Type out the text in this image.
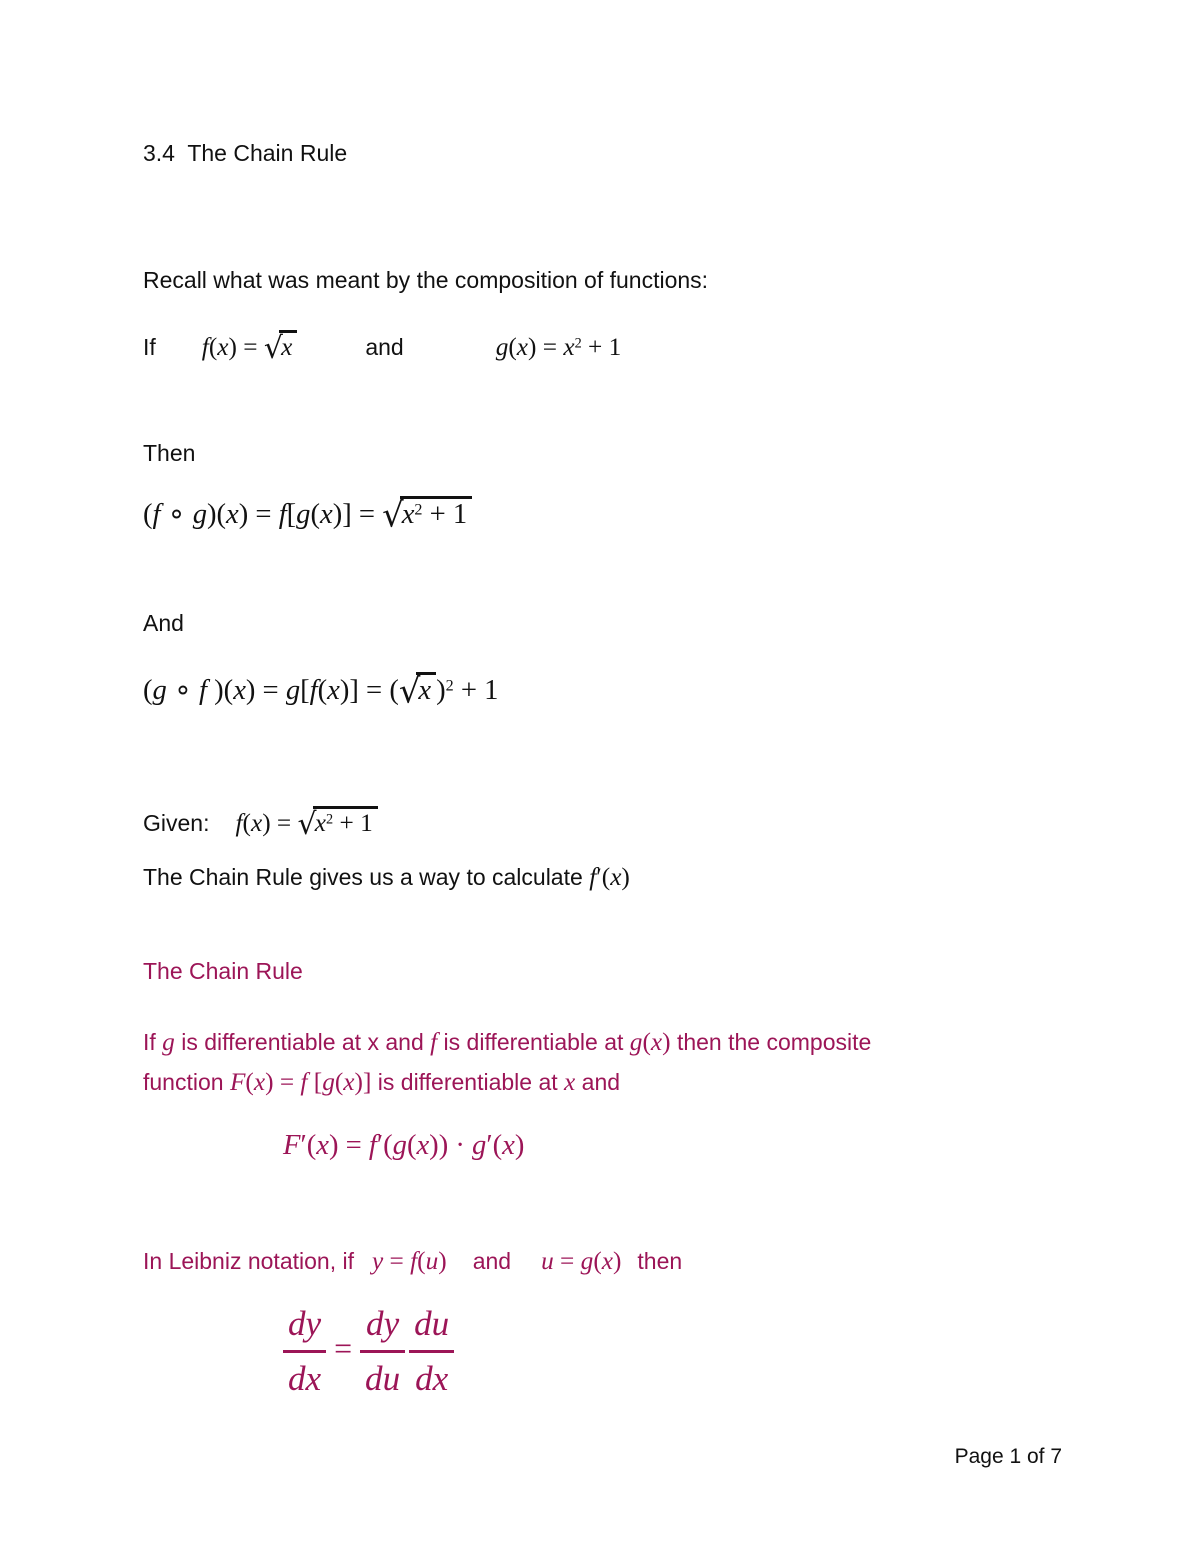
3.4  The Chain Rule
Recall what was meant by the composition of functions:
If f(x) = √x	and	$g(x) = x^2 + 1$
Then
(f ∘ $g)(x) = f[g(x)] = √x^2 + 1$
And
(g ∘ f )(x) = g[f(x)] = (√x )$^2$ + 1
Given: $f(x) = √x^2 + 1$
The Chain Rule gives us a way to calculate f′(x)
The Chain Rule
If g is differentiable at x and f is differentiable at g(x) then the composite
function F(x) = f [g(x)] is differentiable at x and
F′(x) = f′(g(x)) · g′(x)
In Leibniz notation, if y = f(u) and u = g(x) then
$\frac{dy}{dx} = \frac{dy}{du} \frac{du}{dx}$
Page 1 of 7
